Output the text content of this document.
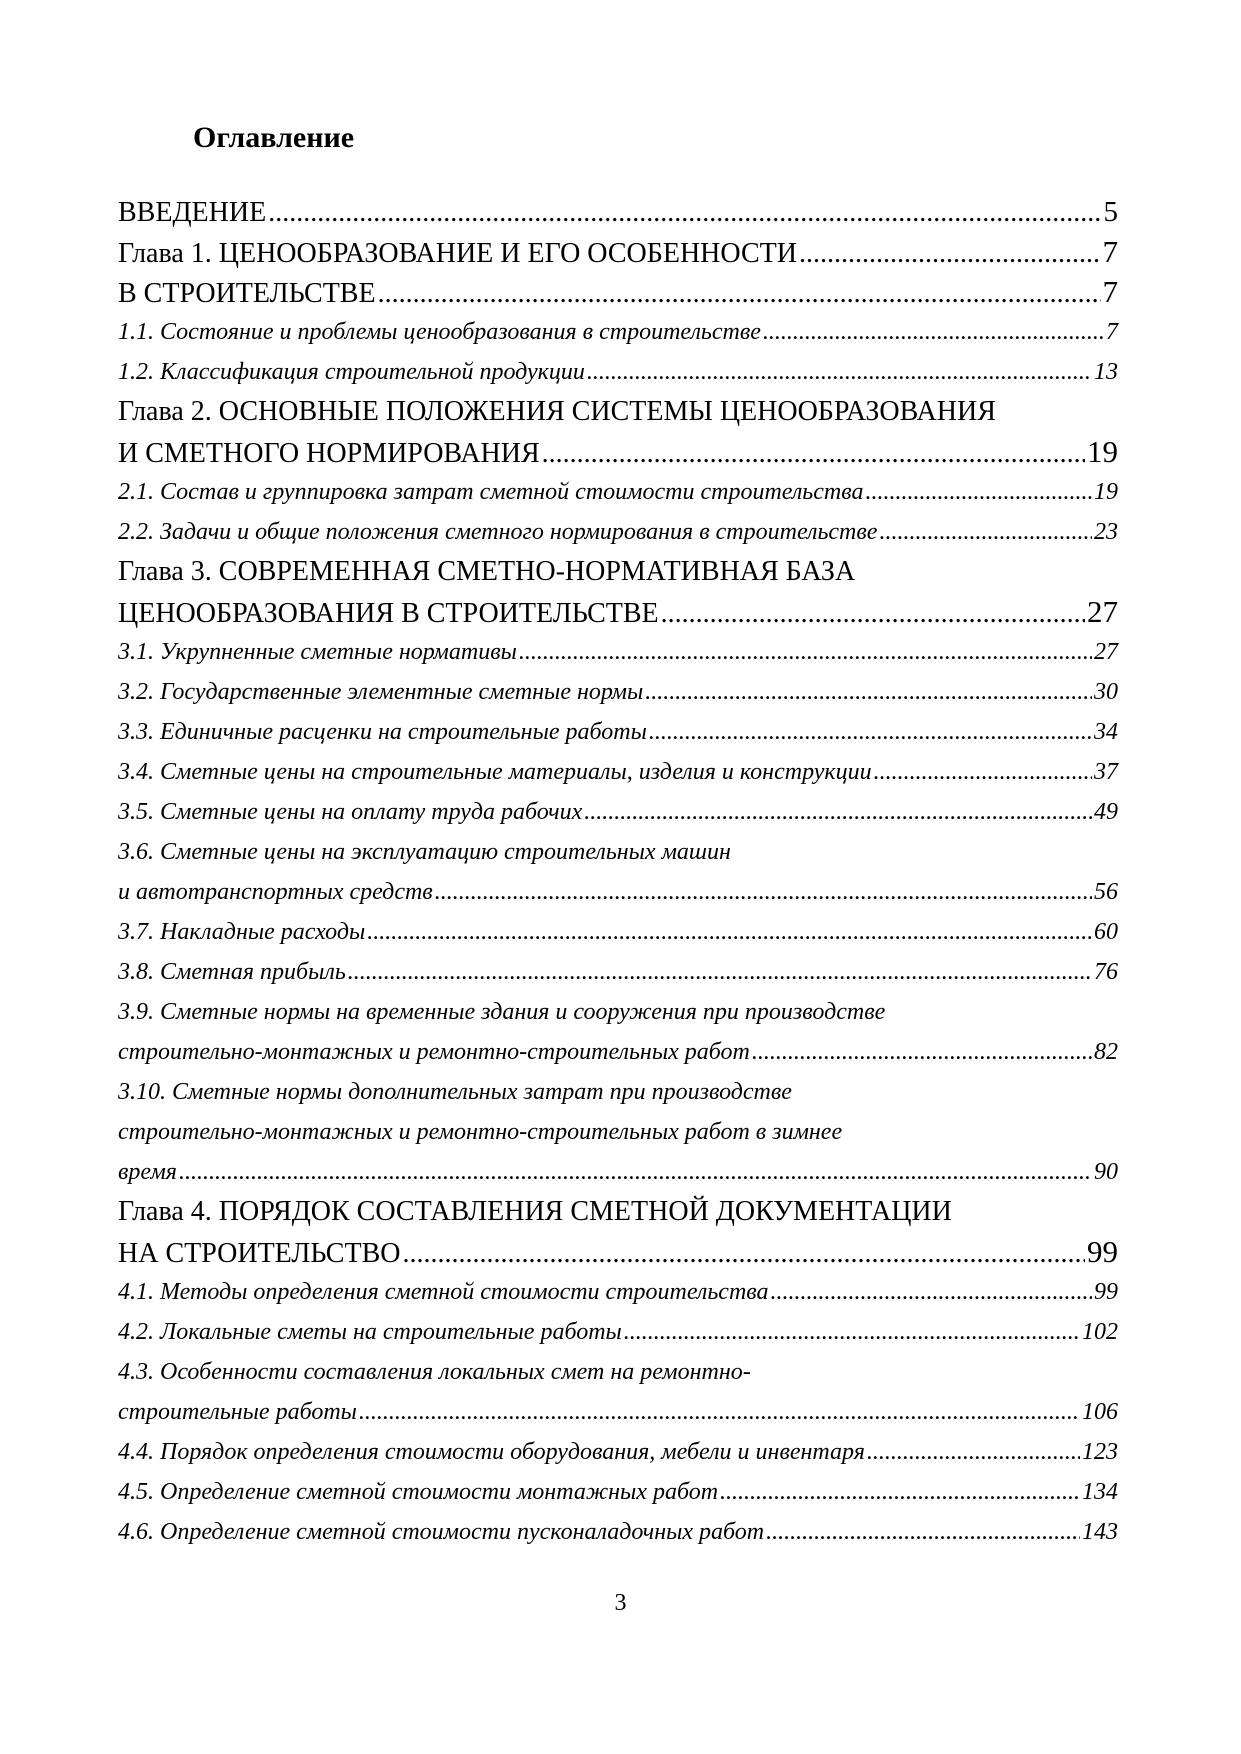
Оглавление
ВВЕДЕНИЕ .....	5
Глава 1. ЦЕНООБРАЗОВАНИЕ И ЕГО ОСОБЕННОСТИ .....	7
В СТРОИТЕЛЬСТВЕ .....	7
1.1. Состояние и проблемы ценообразования в строительстве .....	7
1.2. Классификация строительной продукции .....	13
Глава 2. ОСНОВНЫЕ ПОЛОЖЕНИЯ СИСТЕМЫ ЦЕНООБРАЗОВАНИЯ
И СМЕТНОГО НОРМИРОВАНИЯ .....	19
2.1. Состав и группировка затрат сметной стоимости строительства .....	19
2.2. Задачи и общие положения сметного нормирования в строительстве .....	23
Глава 3. СОВРЕМЕННАЯ СМЕТНО-НОРМАТИВНАЯ БАЗА
ЦЕНООБРАЗОВАНИЯ В СТРОИТЕЛЬСТВЕ .....	27
3.1. Укрупненные сметные нормативы .....	27
3.2. Государственные элементные сметные нормы .....	30
3.3. Единичные расценки на строительные работы .....	34
3.4. Сметные цены на строительные материалы, изделия и конструкции .....	37
3.5. Сметные цены на оплату труда рабочих .....	49
3.6. Сметные цены на эксплуатацию строительных машин
и автотранспортных средств .....	56
3.7. Накладные расходы .....	60
3.8. Сметная прибыль .....	76
3.9. Сметные нормы на временные здания и сооружения при производстве
строительно-монтажных и ремонтно-строительных работ .....	82
3.10. Сметные нормы дополнительных затрат при производстве
строительно-монтажных и ремонтно-строительных работ в зимнее
время .....	90
Глава 4. ПОРЯДОК СОСТАВЛЕНИЯ СМЕТНОЙ ДОКУМЕНТАЦИИ
НА СТРОИТЕЛЬСТВО .....	99
4.1. Методы определения сметной стоимости строительства .....	99
4.2. Локальные сметы на строительные работы .....	102
4.3. Особенности составления локальных смет на ремонтно-
строительные работы .....	106
4.4. Порядок определения стоимости оборудования, мебели и инвентаря .....	123
4.5. Определение сметной стоимости монтажных работ .....	134
4.6. Определение сметной стоимости пусконаладочных работ .....	143
3
